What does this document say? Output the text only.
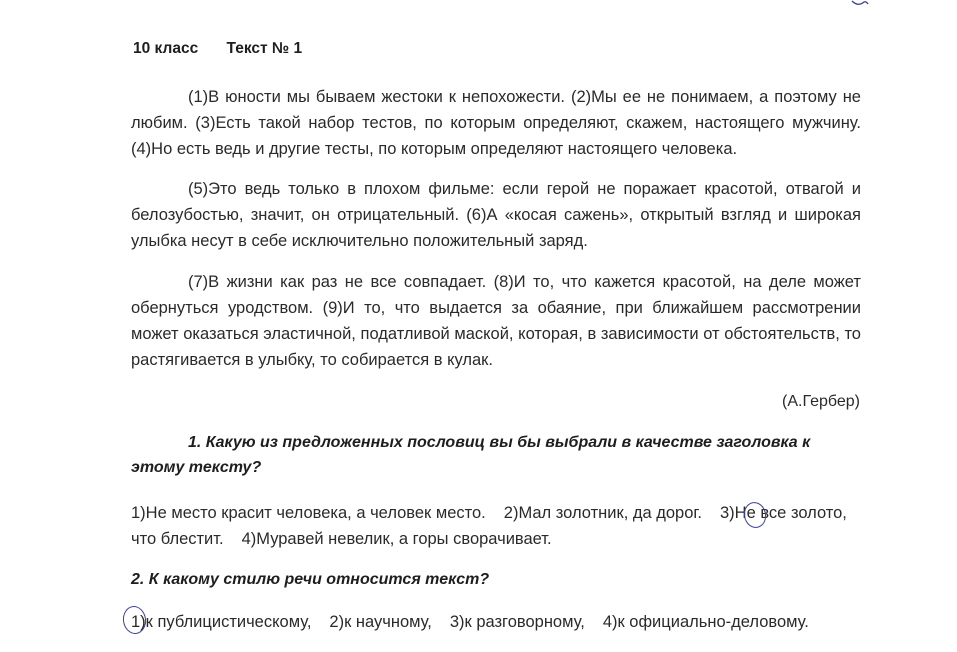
10 класс Текст № 1

(1)В юности мы бываем жестоки к непохожести. (2)Мы ее не понимаем, а поэтому не любим. (3)Есть такой набор тестов, по которым определяют, скажем, настоящего мужчину. (4)Но есть ведь и другие тесты, по которым определяют настоящего человека.

(5)Это ведь только в плохом фильме: если герой не поражает красотой, отвагой и белозубостью, значит, он отрицательный. (6)А «косая сажень», открытый взгляд и широкая улыбка несут в себе исключительно положительный заряд.

(7)В жизни как раз не все совпадает. (8)И то, что кажется красотой, на деле может обернуться уродством. (9)И то, что выдается за обаяние, при ближайшем рассмотрении может оказаться эластичной, податливой маской, которая, в зависимости от обстоятельств, то растягивается в улыбку, то собирается в кулак.

(А.Гербер)

1. Какую из предложенных пословиц вы бы выбрали в качестве заголовка к этому тексту?

1)Не место красит человека, а человек место. 2)Мал золотник, да дорог. 3)Не все золото, что блестит. 4)Муравей невелик, а горы сворачивает.

2. К какому стилю речи относится текст?

1)к публицистическому, 2)к научному, 3)к разговорному, 4)к официально-деловому.
